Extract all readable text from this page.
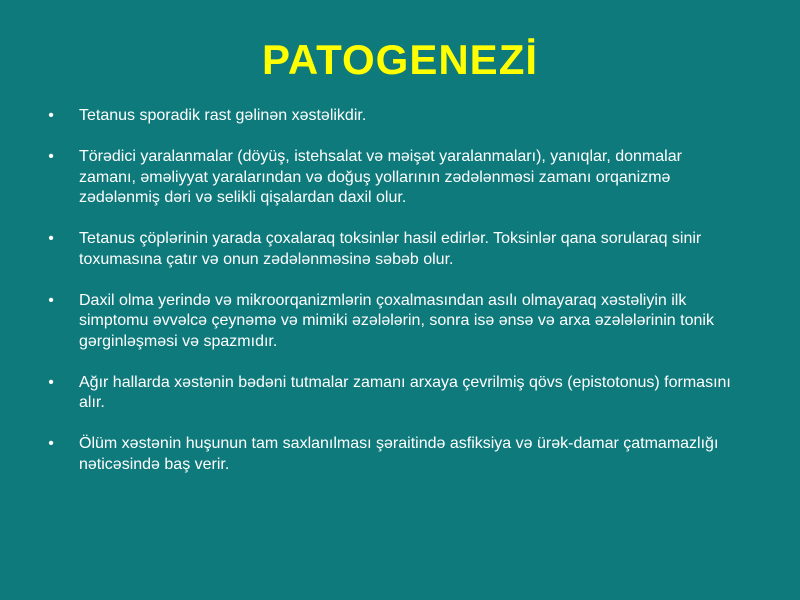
PATOGENEZİ
• Tetanus sporadik rast gəlinən xəstəlikdir.
• Törədici yaralanmalar (döyüş, istehsalat və məişət yaralanmaları), yanıqlar, donmalar zamanı, əməliyyat yaralarından və doğuş yollarının zədələnməsi zamanı orqanizmə zədələnmiş dəri və selikli qişalardan daxil olur.
• Tetanus çöplərinin yarada çoxalaraq toksinlər hasil edirlər. Toksinlər qana sorularaq sinir toxumasına çatır və onun zədələnməsinə səbəb olur.
• Daxil olma yerində və mikroorqanizmlərin çoxalmasından asılı olmayaraq xəstəliyin ilk simptomu əvvəlcə çeynəmə və mimiki əzələlərin, sonra isə ənsə və arxa əzələlərinin tonik gərginləşməsi və spazmıdır.
• Ağır hallarda xəstənin bədəni tutmalar zamanı arxaya çevrilmiş qövs (epistotonus) formasını alır.
• Ölüm xəstənin huşunun tam saxlanılması şəraitində asfiksiya və ürək-damar çatmamazlığı nəticəsində baş verir.
